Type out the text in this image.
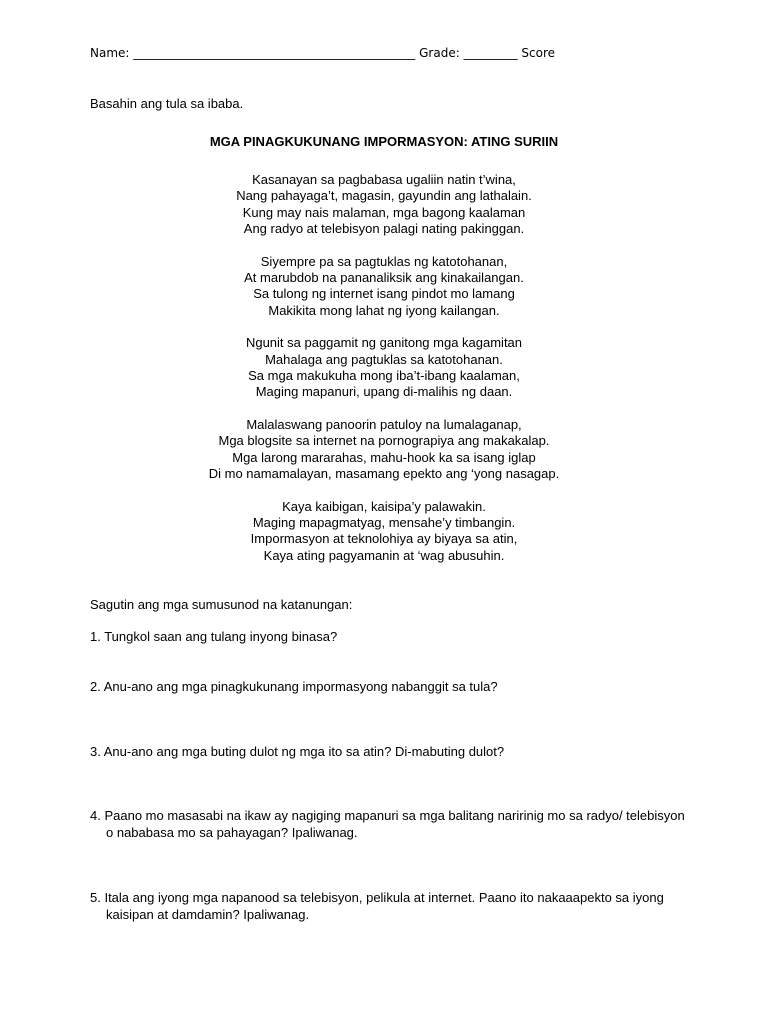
Name: _______________________________________________ Grade: _________ Score
Basahin ang tula sa ibaba.
MGA PINAGKUKUNANG IMPORMASYON: ATING SURIIN
Kasanayan sa pagbabasa ugaliin natin t’wina,
Nang pahayaga’t, magasin, gayundin ang lathalain.
Kung may nais malaman, mga bagong kaalaman
Ang radyo at telebisyon palagi nating pakinggan.
Siyempre pa sa pagtuklas ng katotohanan,
At marubdob na pananaliksik ang kinakailangan.
Sa tulong ng internet isang pindot mo lamang
Makikita mong lahat ng iyong kailangan.
Ngunit sa paggamit ng ganitong mga kagamitan
Mahalaga ang pagtuklas sa katotohanan.
Sa mga makukuha mong iba’t-ibang kaalaman,
Maging mapanuri, upang di-malihis ng daan.
Malalaswang panoorin patuloy na lumalaganap,
Mga blogsite sa internet na pornograpiya ang makakalap.
Mga larong mararahas, mahu-hook ka sa isang iglap
Di mo namamalayan, masamang epekto ang ‘yong nasagap.
Kaya kaibigan, kaisipa’y palawakin.
Maging mapagmatyag, mensahe’y timbangin.
Impormasyon at teknolohiya ay biyaya sa atin,
Kaya ating pagyamanin at ‘wag abusuhin.
Sagutin ang mga sumusunod na katanungan:
1. Tungkol saan ang tulang inyong binasa?
2. Anu-ano ang mga pinagkukunang impormasyong nabanggit sa tula?
3. Anu-ano ang mga buting dulot ng mga ito sa atin? Di-mabuting dulot?
4. Paano mo masasabi na ikaw ay nagiging mapanuri sa mga balitang naririnig mo sa radyo/ telebisyon o nababasa mo sa pahayagan? Ipaliwanag.
5. Itala ang iyong mga napanood sa telebisyon, pelikula at internet. Paano ito nakaaapekto sa iyong kaisipan at damdamin? Ipaliwanag.
